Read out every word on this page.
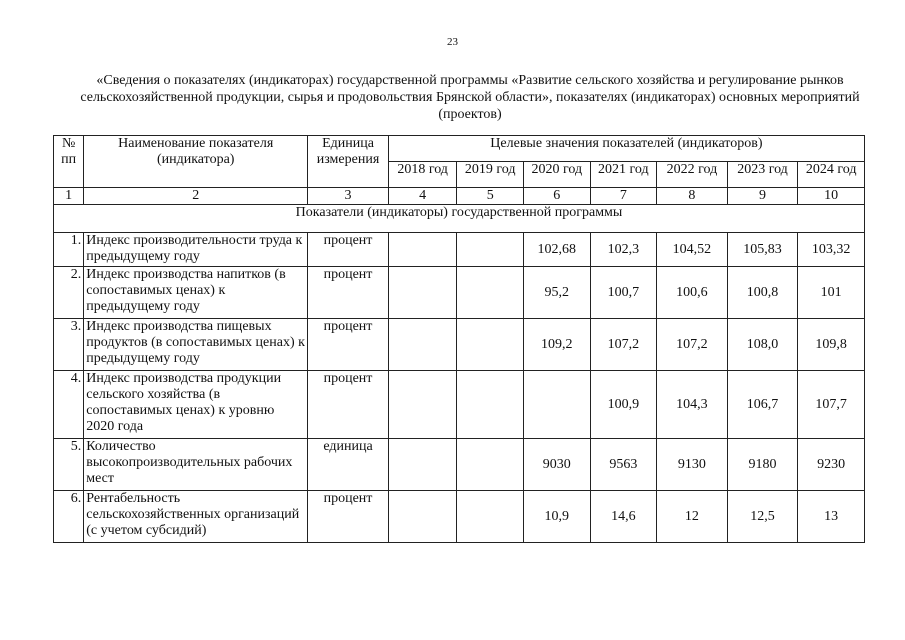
23
«Сведения о показателях (индикаторах) государственной программы «Развитие сельского хозяйства и регулирование рынков сельскохозяйственной продукции, сырья и продовольствия Брянской области», показателях (индикаторах) основных мероприятий (проектов)
№ пп	Наименование показателя (индикатора)	Единица измерения	Целевые значения показателей (индикаторов)						
			2018 год	2019 год	2020 год	2021 год	2022 год	2023 год	2024 год
1	2	3	4	5	6	7	8	9	10
Показатели (индикаторы) государственной программы									
1.	Индекс производительности труда к предыдущему году	процент			102,68	102,3	104,52	105,83	103,32
2.	Индекс производства напитков (в сопоставимых ценах) к предыдущему году	процент			95,2	100,7	100,6	100,8	101
3.	Индекс производства пищевых продуктов (в сопоставимых ценах) к предыдущему году	процент			109,2	107,2	107,2	108,0	109,8
4.	Индекс производства продукции сельского хозяйства (в сопоставимых ценах) к уровню 2020 года	процент				100,9	104,3	106,7	107,7
5.	Количество высокопроизводительных рабочих мест	единица			9030	9563	9130	9180	9230
6.	Рентабельность сельскохозяйственных организаций (с учетом субсидий)	процент			10,9	14,6	12	12,5	13
